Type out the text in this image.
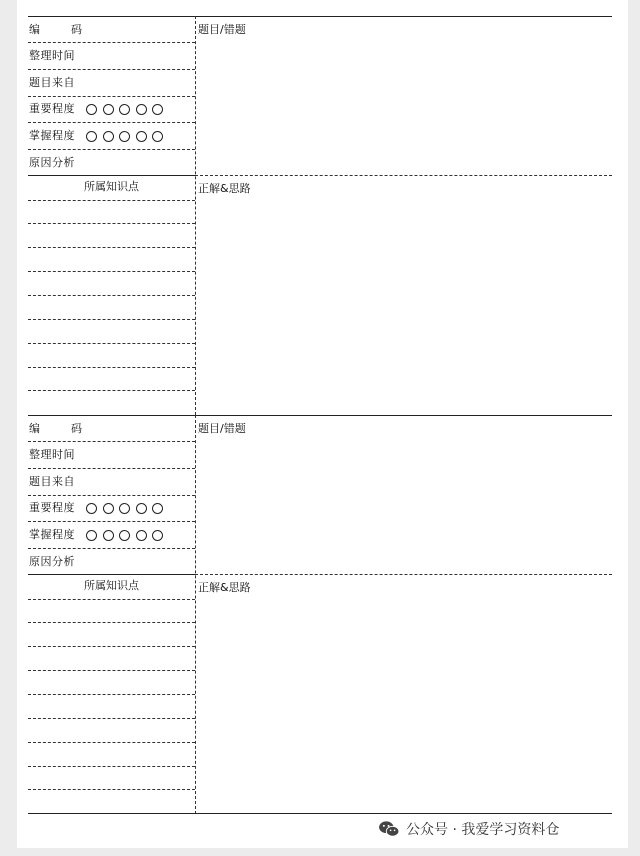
编　码
整理时间
题目来自
重要程度
掌握程度
原因分析
所属知识点
题目/错题
正解&思路
编　码
整理时间
题目来自
重要程度
掌握程度
原因分析
所属知识点
题目/错题
正解&思路
公众号 · 我爱学习资料仓
